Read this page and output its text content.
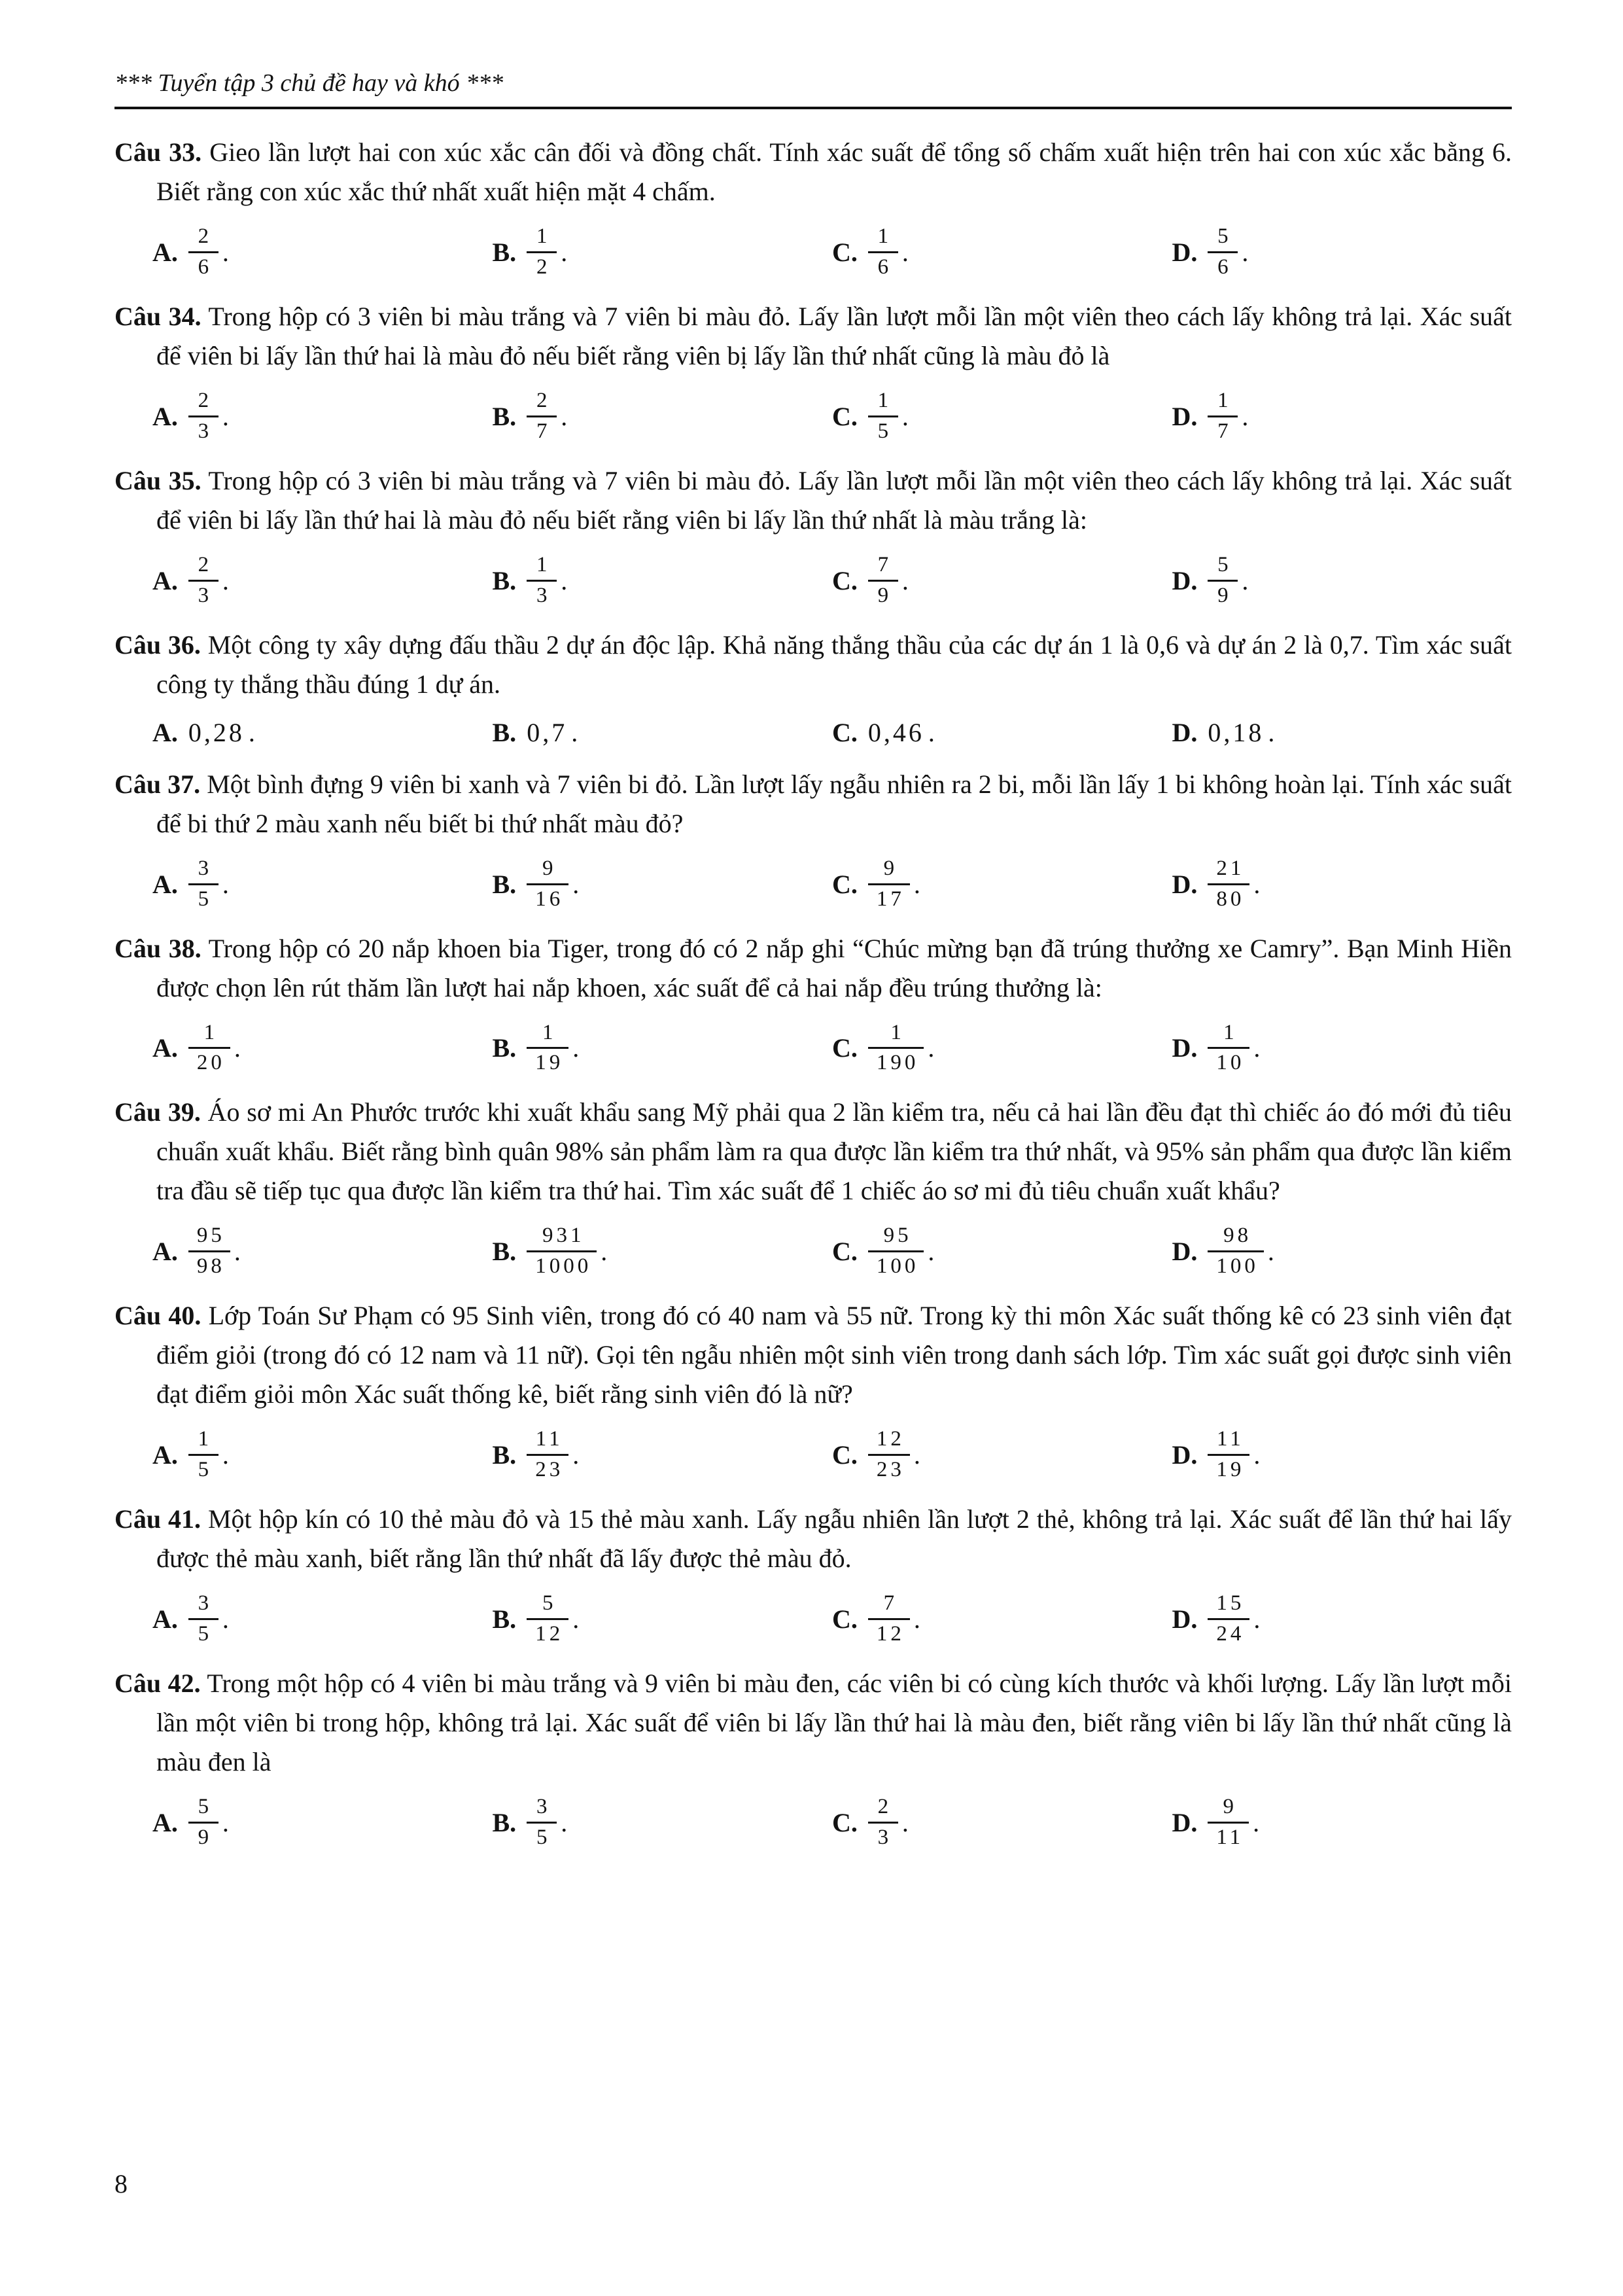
*** Tuyển tập 3 chủ đề hay và khó ***

Câu 33. Gieo lần lượt hai con xúc xắc cân đối và đồng chất. Tính xác suất để tổng số chấm xuất hiện trên hai con xúc xắc bằng 6. Biết rằng con xúc xắc thứ nhất xuất hiện mặt 4 chấm.

A. $\frac{2}{6}$ .	B. $\frac{1}{2}$ .	C. $\frac{1}{6}$ .	D. $\frac{5}{6}$ .

Câu 34. Trong hộp có 3 viên bi màu trắng và 7 viên bi màu đỏ. Lấy lần lượt mỗi lần một viên theo cách lấy không trả lại. Xác suất để viên bi lấy lần thứ hai là màu đỏ nếu biết rằng viên bị lấy lần thứ nhất cũng là màu đỏ là

A. $\frac{2}{3}$ .	B. $\frac{2}{7}$ .	C. $\frac{1}{5}$ .	D. $\frac{1}{7}$ .

Câu 35. Trong hộp có 3 viên bi màu trắng và 7 viên bi màu đỏ. Lấy lần lượt mỗi lần một viên theo cách lấy không trả lại. Xác suất để viên bi lấy lần thứ hai là màu đỏ nếu biết rằng viên bi lấy lần thứ nhất là màu trắng là:

A. $\frac{2}{3}$ .	B. $\frac{1}{3}$ .	C. $\frac{7}{9}$ .	D. $\frac{5}{9}$ .

Câu 36. Một công ty xây dựng đấu thầu 2 dự án độc lập. Khả năng thắng thầu của các dự án 1 là 0,6 và dự án 2 là 0,7. Tìm xác suất công ty thắng thầu đúng 1 dự án.

A. 0,28 .	B. 0,7 .	C. 0,46 .	D. 0,18 .

Câu 37. Một bình đựng 9 viên bi xanh và 7 viên bi đỏ. Lần lượt lấy ngẫu nhiên ra 2 bi, mỗi lần lấy 1 bi không hoàn lại. Tính xác suất để bi thứ 2 màu xanh nếu biết bi thứ nhất màu đỏ?

A. $\frac{3}{5}$ .	B. $\frac{9}{16}$ .	C. $\frac{9}{17}$ .	D. $\frac{21}{80}$ .

Câu 38. Trong hộp có 20 nắp khoen bia Tiger, trong đó có 2 nắp ghi “Chúc mừng bạn đã trúng thưởng xe Camry”. Bạn Minh Hiền được chọn lên rút thăm lần lượt hai nắp khoen, xác suất để cả hai nắp đều trúng thưởng là:

A. $\frac{1}{20}$ .	B. $\frac{1}{19}$ .	C. $\frac{1}{190}$ .	D. $\frac{1}{10}$ .

Câu 39. Áo sơ mi An Phước trước khi xuất khẩu sang Mỹ phải qua 2 lần kiểm tra, nếu cả hai lần đều đạt thì chiếc áo đó mới đủ tiêu chuẩn xuất khẩu. Biết rằng bình quân 98% sản phẩm làm ra qua được lần kiểm tra thứ nhất, và 95% sản phẩm qua được lần kiểm tra đầu sẽ tiếp tục qua được lần kiểm tra thứ hai. Tìm xác suất để 1 chiếc áo sơ mi đủ tiêu chuẩn xuất khẩu?

A. $\frac{95}{98}$ .	B. $\frac{931}{1000}$ .	C. $\frac{95}{100}$ .	D. $\frac{98}{100}$ .

Câu 40. Lớp Toán Sư Phạm có 95 Sinh viên, trong đó có 40 nam và 55 nữ. Trong kỳ thi môn Xác suất thống kê có 23 sinh viên đạt điểm giỏi (trong đó có 12 nam và 11 nữ). Gọi tên ngẫu nhiên một sinh viên trong danh sách lớp. Tìm xác suất gọi được sinh viên đạt điểm giỏi môn Xác suất thống kê, biết rằng sinh viên đó là nữ?

A. $\frac{1}{5}$ .	B. $\frac{11}{23}$ .	C. $\frac{12}{23}$ .	D. $\frac{11}{19}$ .

Câu 41. Một hộp kín có 10 thẻ màu đỏ và 15 thẻ màu xanh. Lấy ngẫu nhiên lần lượt 2 thẻ, không trả lại. Xác suất để lần thứ hai lấy được thẻ màu xanh, biết rằng lần thứ nhất đã lấy được thẻ màu đỏ.

A. $\frac{3}{5}$ .	B. $\frac{5}{12}$ .	C. $\frac{7}{12}$ .	D. $\frac{15}{24}$ .

Câu 42. Trong một hộp có 4 viên bi màu trắng và 9 viên bi màu đen, các viên bi có cùng kích thước và khối lượng. Lấy lần lượt mỗi lần một viên bi trong hộp, không trả lại. Xác suất để viên bi lấy lần thứ hai là màu đen, biết rằng viên bi lấy lần thứ nhất cũng là màu đen là

A. $\frac{5}{9}$ .	B. $\frac{3}{5}$ .	C. $\frac{2}{3}$ .	D. $\frac{9}{11}$ .
8
